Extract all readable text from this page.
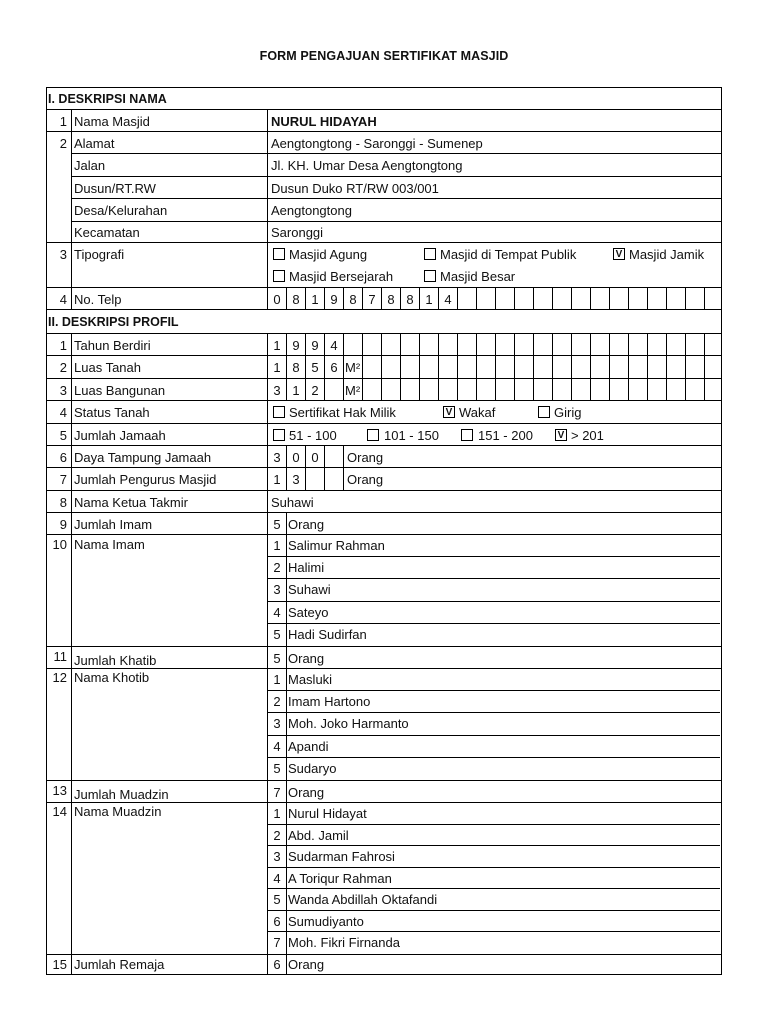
FORM PENGAJUAN SERTIFIKAT MASJID
I. DESKRIPSI NAMA
1 Nama Masjid	NURUL HIDAYAH
2 Alamat	Aengtongtong - Saronggi - Sumenep
Jalan	Jl. KH. Umar Desa Aengtongtong
Dusun/RT.RW	Dusun Duko RT/RW 003/001
Desa/Kelurahan	Aengtongtong
Kecamatan	Saronggi
3 Tipografi	Masjid Agung	Masjid di Tempat Publik	V Masjid Jamik
Masjid Bersejarah	Masjid Besar
4 No. Telp	0 8 1 9 8 7 8 8 1 4
II. DESKRIPSI PROFIL
1 Tahun Berdiri	1 9 9 4
2 Luas Tanah	1 8 5 6 M²
3 Luas Bangunan	3 1 2	M²
4 Status Tanah	Sertifikat Hak Milik	V Wakaf	Girig
5 Jumlah Jamaah	51 - 100	101 - 150	151 - 200 V > 201
6 Daya Tampung Jamaah	3 0 0	Orang
7 Jumlah Pengurus Masjid	1 3	Orang
8 Nama Ketua Takmir	Suhawi
9 Jumlah Imam	5 Orang
10 Nama Imam	1 Salimur Rahman
2 Halimi
3 Suhawi
4 Sateyo
5 Hadi Sudirfan
11 Jumlah Khatib	5 Orang
12 Nama Khotib	1 Masluki
2 Imam Hartono
3 Moh. Joko Harmanto
4 Apandi
5 Sudaryo
13 Jumlah Muadzin	7 Orang
14 Nama Muadzin	1 Nurul Hidayat
2 Abd. Jamil
3 Sudarman Fahrosi
4 A Toriqur Rahman
5 Wanda Abdillah Oktafandi
6 Sumudiyanto
7 Moh. Fikri Firnanda
15 Jumlah Remaja	6 Orang
